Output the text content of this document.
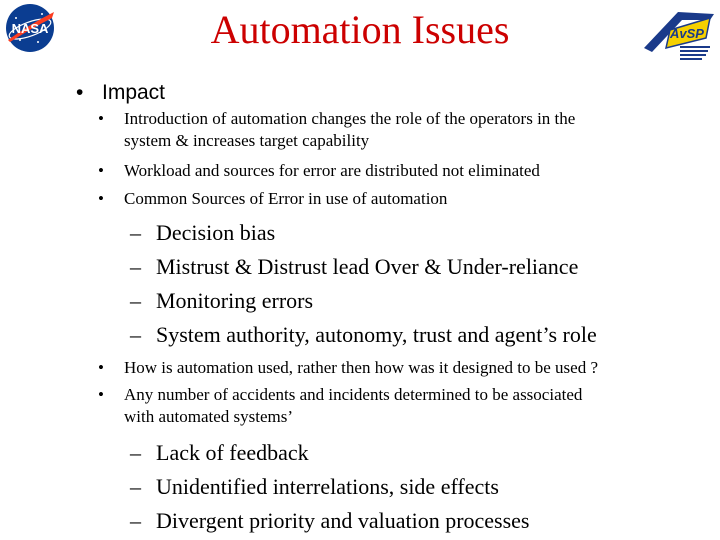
NASA	AvSP
Automation Issues
• Impact
•	Introduction of automation changes the role of the operators in the
system & increases target capability
•	Workload and sources for error are distributed not eliminated
•	Common Sources of Error in use of automation
– Decision bias
– Mistrust & Distrust lead Over & Under-reliance
– Monitoring errors
– System authority, autonomy, trust and agent’s role
•	How is automation used, rather then how was it designed to be used ?
•	Any number of accidents and incidents determined to be associated
with automated systems’
– Lack of feedback
– Unidentified interrelations, side effects
– Divergent priority and valuation processes
